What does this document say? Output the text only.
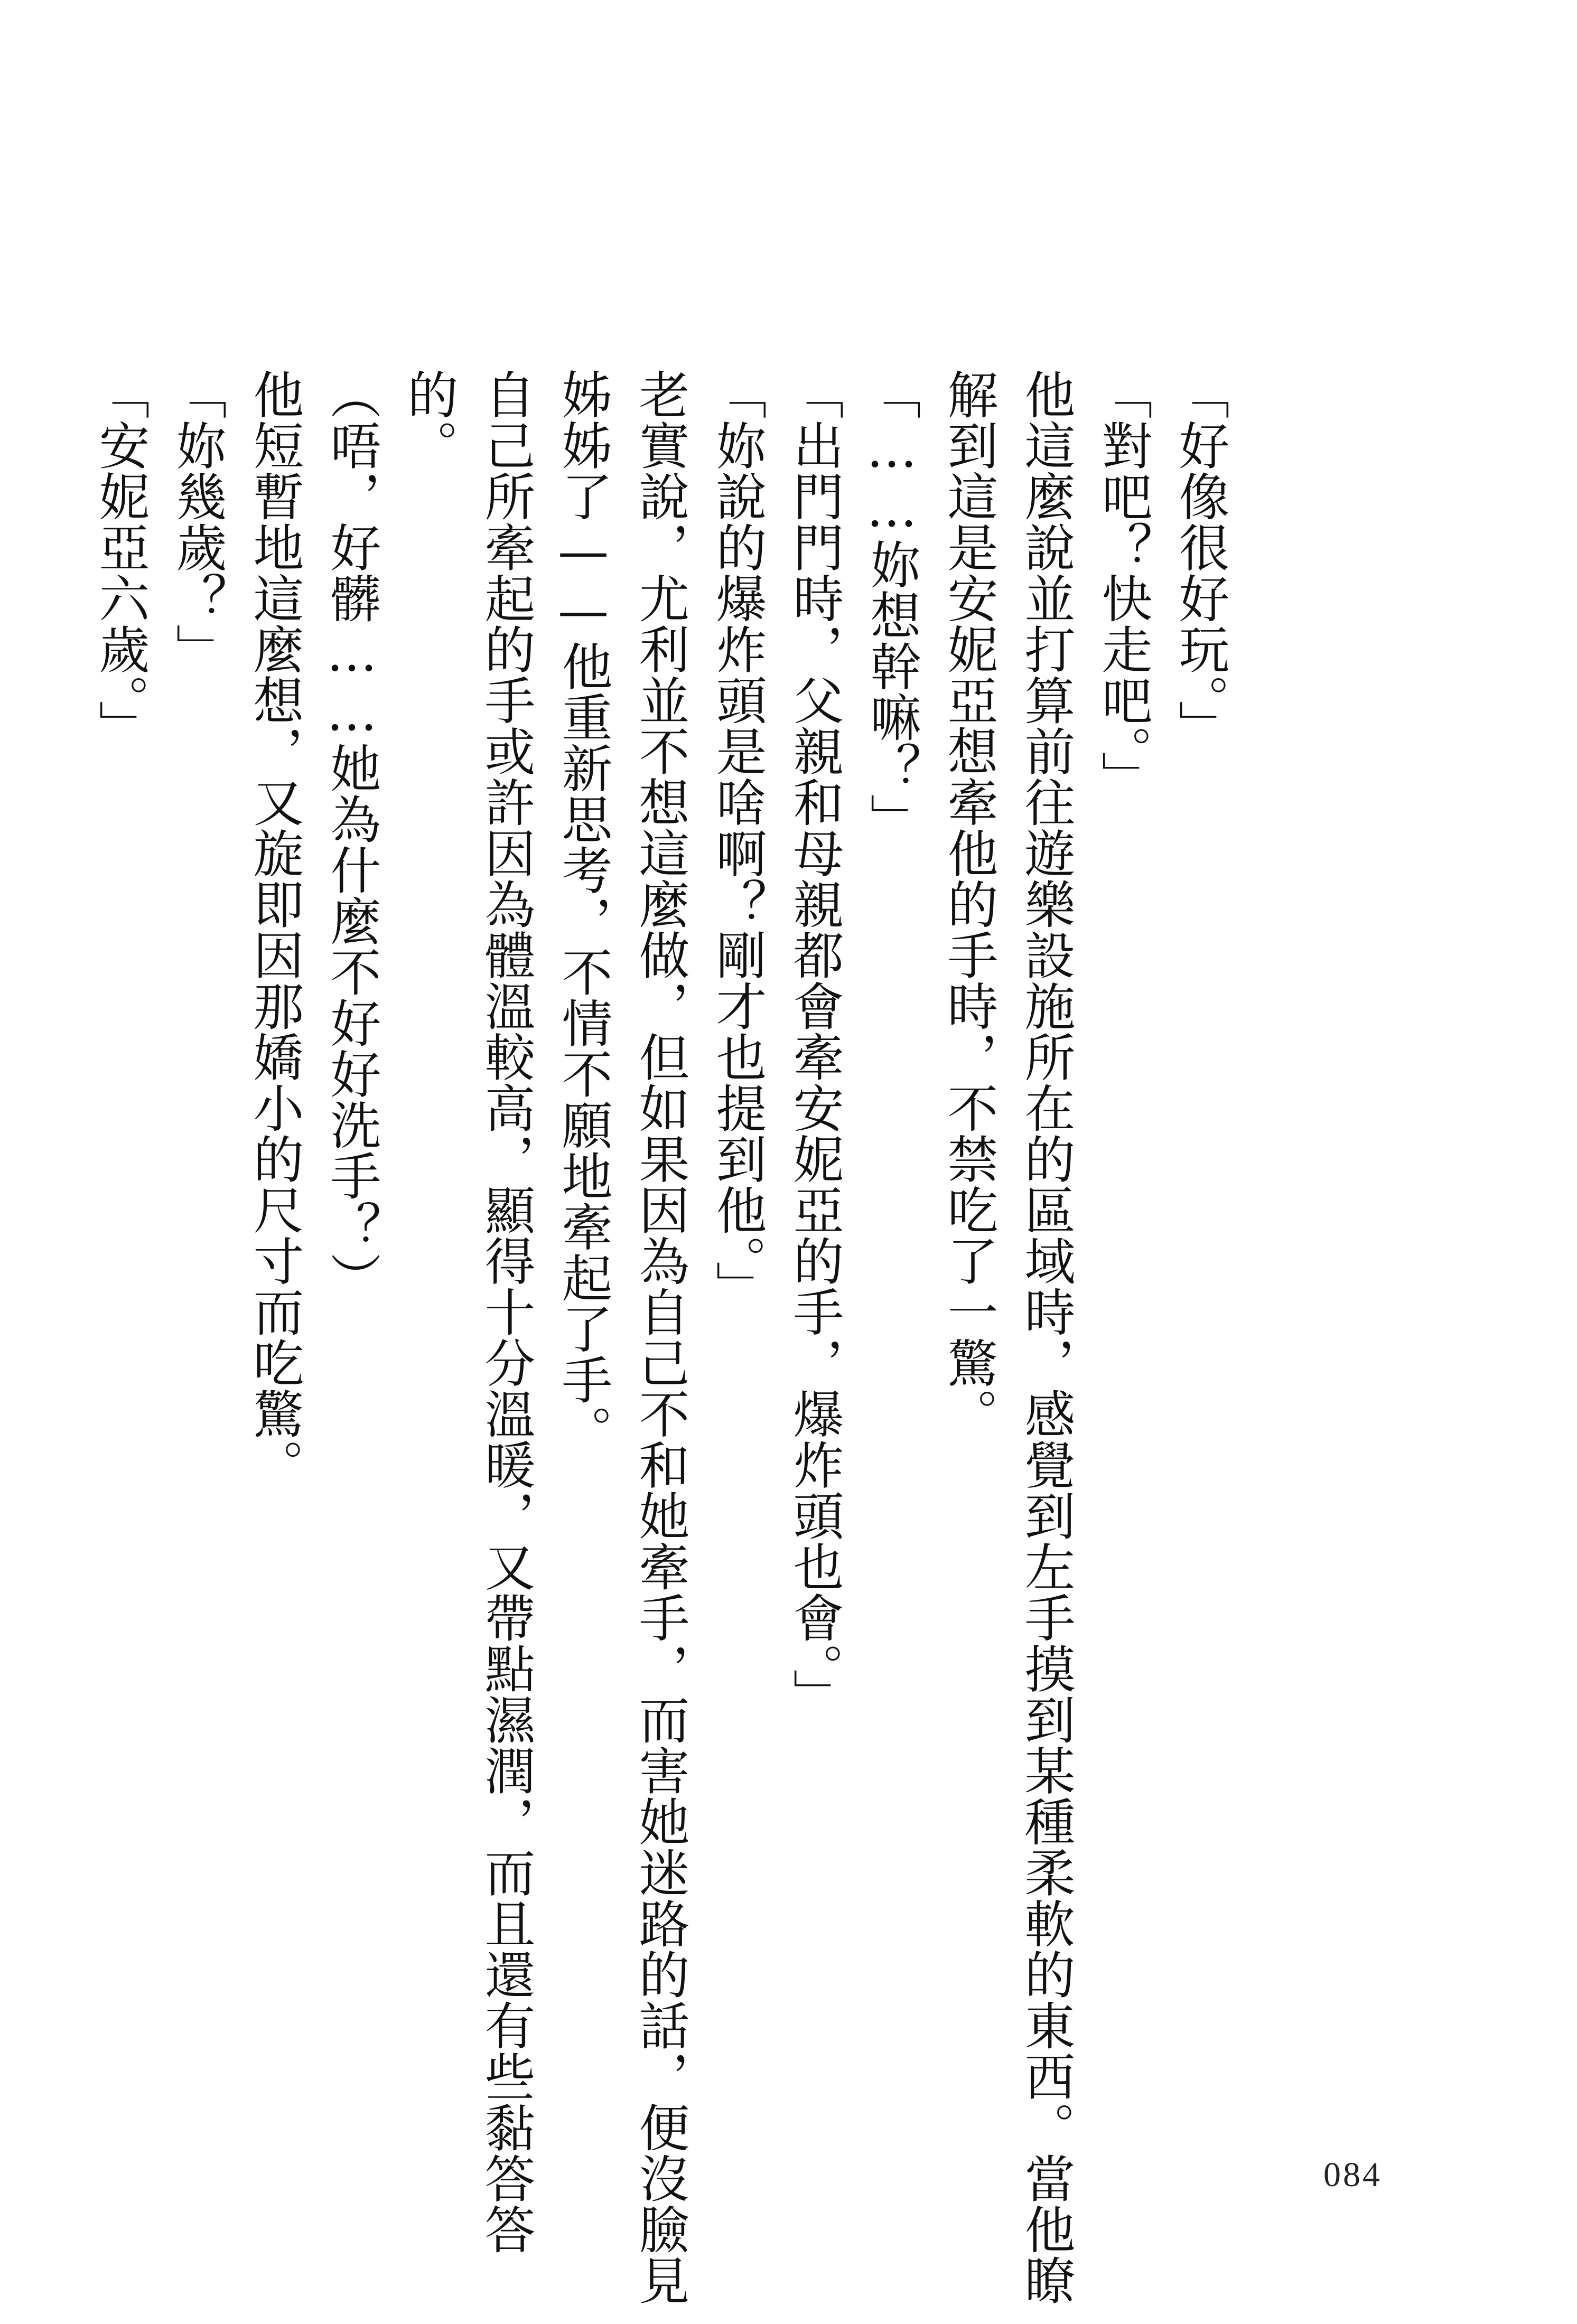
「好像很好玩。」
「對吧？快走吧。」
他這麼說並打算前往遊樂設施所在的區域時，感覺到左手摸到某種柔軟的東西。當他瞭
解到這是安妮亞想牽他的手時，不禁吃了一驚。
「……妳想幹嘛？」
「出門門時，父親和母親都會牽安妮亞的手，爆炸頭也會。」
「妳說的爆炸頭是啥啊？剛才也提到他。」
老實說，尤利並不想這麼做，但如果因為自己不和她牽手，而害她迷路的話，便沒臉見
姊姊了——他重新思考，不情不願地牽起了手。
自己所牽起的手或許因為體溫較高，顯得十分溫暖，又帶點濕潤，而且還有些黏答答
的。
（唔，好髒……她為什麼不好好洗手？）
他短暫地這麼想，又旋即因那嬌小的尺寸而吃驚。
「妳幾歲？」
「安妮亞六歲。」
084
